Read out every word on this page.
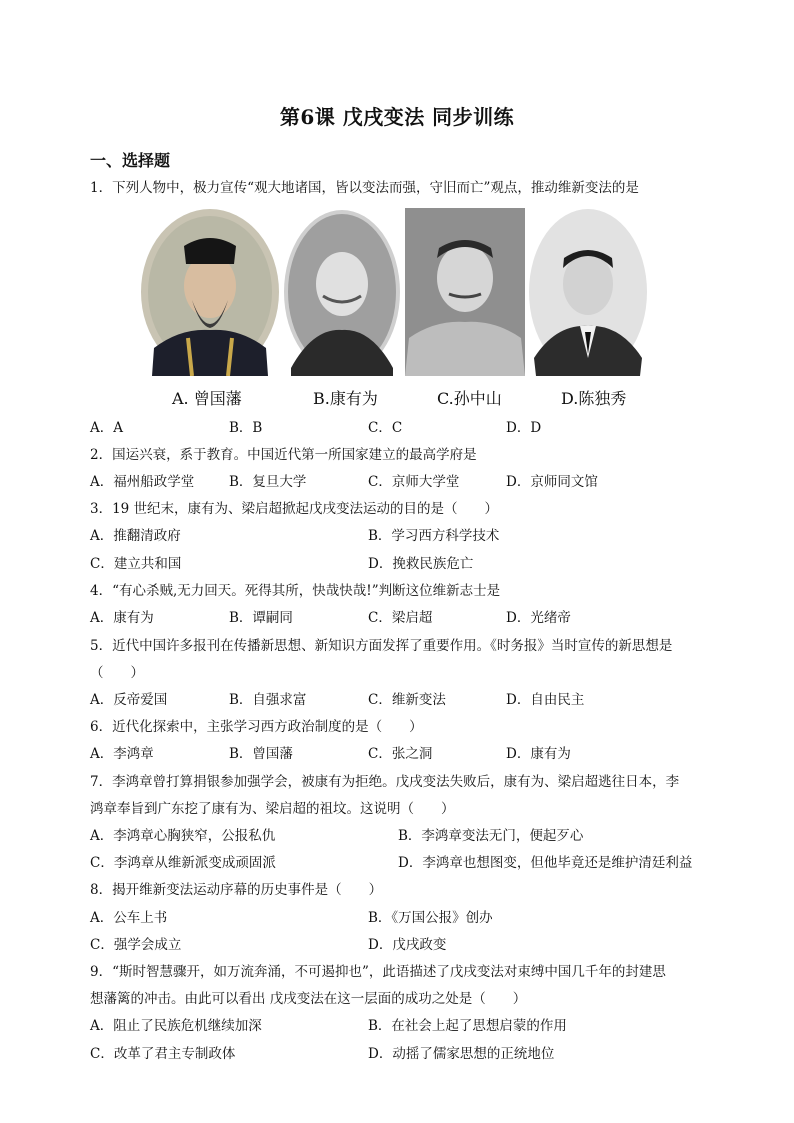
第6课 戊戌变法 同步训练
一、选择题
1．下列人物中，极力宣传“观大地诸国，皆以变法而强，守旧而亡”观点，推动维新变法的是
A. 曾国藩	B.康有为	C.孙中山	D.陈独秀
A．A	B．B	C．C	D．D
2．国运兴衰，系于教育。中国近代第一所国家建立的最高学府是
A．福州船政学堂	B．复旦大学	C．京师大学堂	D．京师同文馆
3．19 世纪末，康有为、梁启超掀起戊戌变法运动的目的是（　　）
A．推翻清政府	B．学习西方科学技术
C．建立共和国	D．挽救民族危亡
4．“有心杀贼,无力回天。死得其所，快哉快哉!”判断这位维新志士是
A．康有为	B．谭嗣同	C．梁启超	D．光绪帝
5．近代中国许多报刊在传播新思想、新知识方面发挥了重要作用。《时务报》当时宣传的新思想是
（　　）
A．反帝爱国	B．自强求富	C．维新变法	D．自由民主
6．近代化探索中，主张学习西方政治制度的是（　　）
A．李鸿章	B．曾国藩	C．张之洞	D．康有为
7．李鸿章曾打算捐银参加强学会，被康有为拒绝。戊戌变法失败后，康有为、梁启超逃往日本，李
鸿章奉旨到广东挖了康有为、梁启超的祖坟。这说明（　　）
A．李鸿章心胸狭窄，公报私仇	B．李鸿章变法无门，便起歹心
C．李鸿章从维新派变成顽固派	D．李鸿章也想图变，但他毕竟还是维护清廷利益
8．揭开维新变法运动序幕的历史事件是（　　）
A．公车上书	B．《万国公报》创办
C．强学会成立	D．戊戌政变
9．“斯时智慧骤开，如万流奔涌，不可遏抑也”，此语描述了戊戌变法对束缚中国几千年的封建思
想藩篱的冲击。由此可以看出 戊戌变法在这一层面的成功之处是（　　）
A．阻止了民族危机继续加深	B．在社会上起了思想启蒙的作用
C．改革了君主专制政体	D．动摇了儒家思想的正统地位
